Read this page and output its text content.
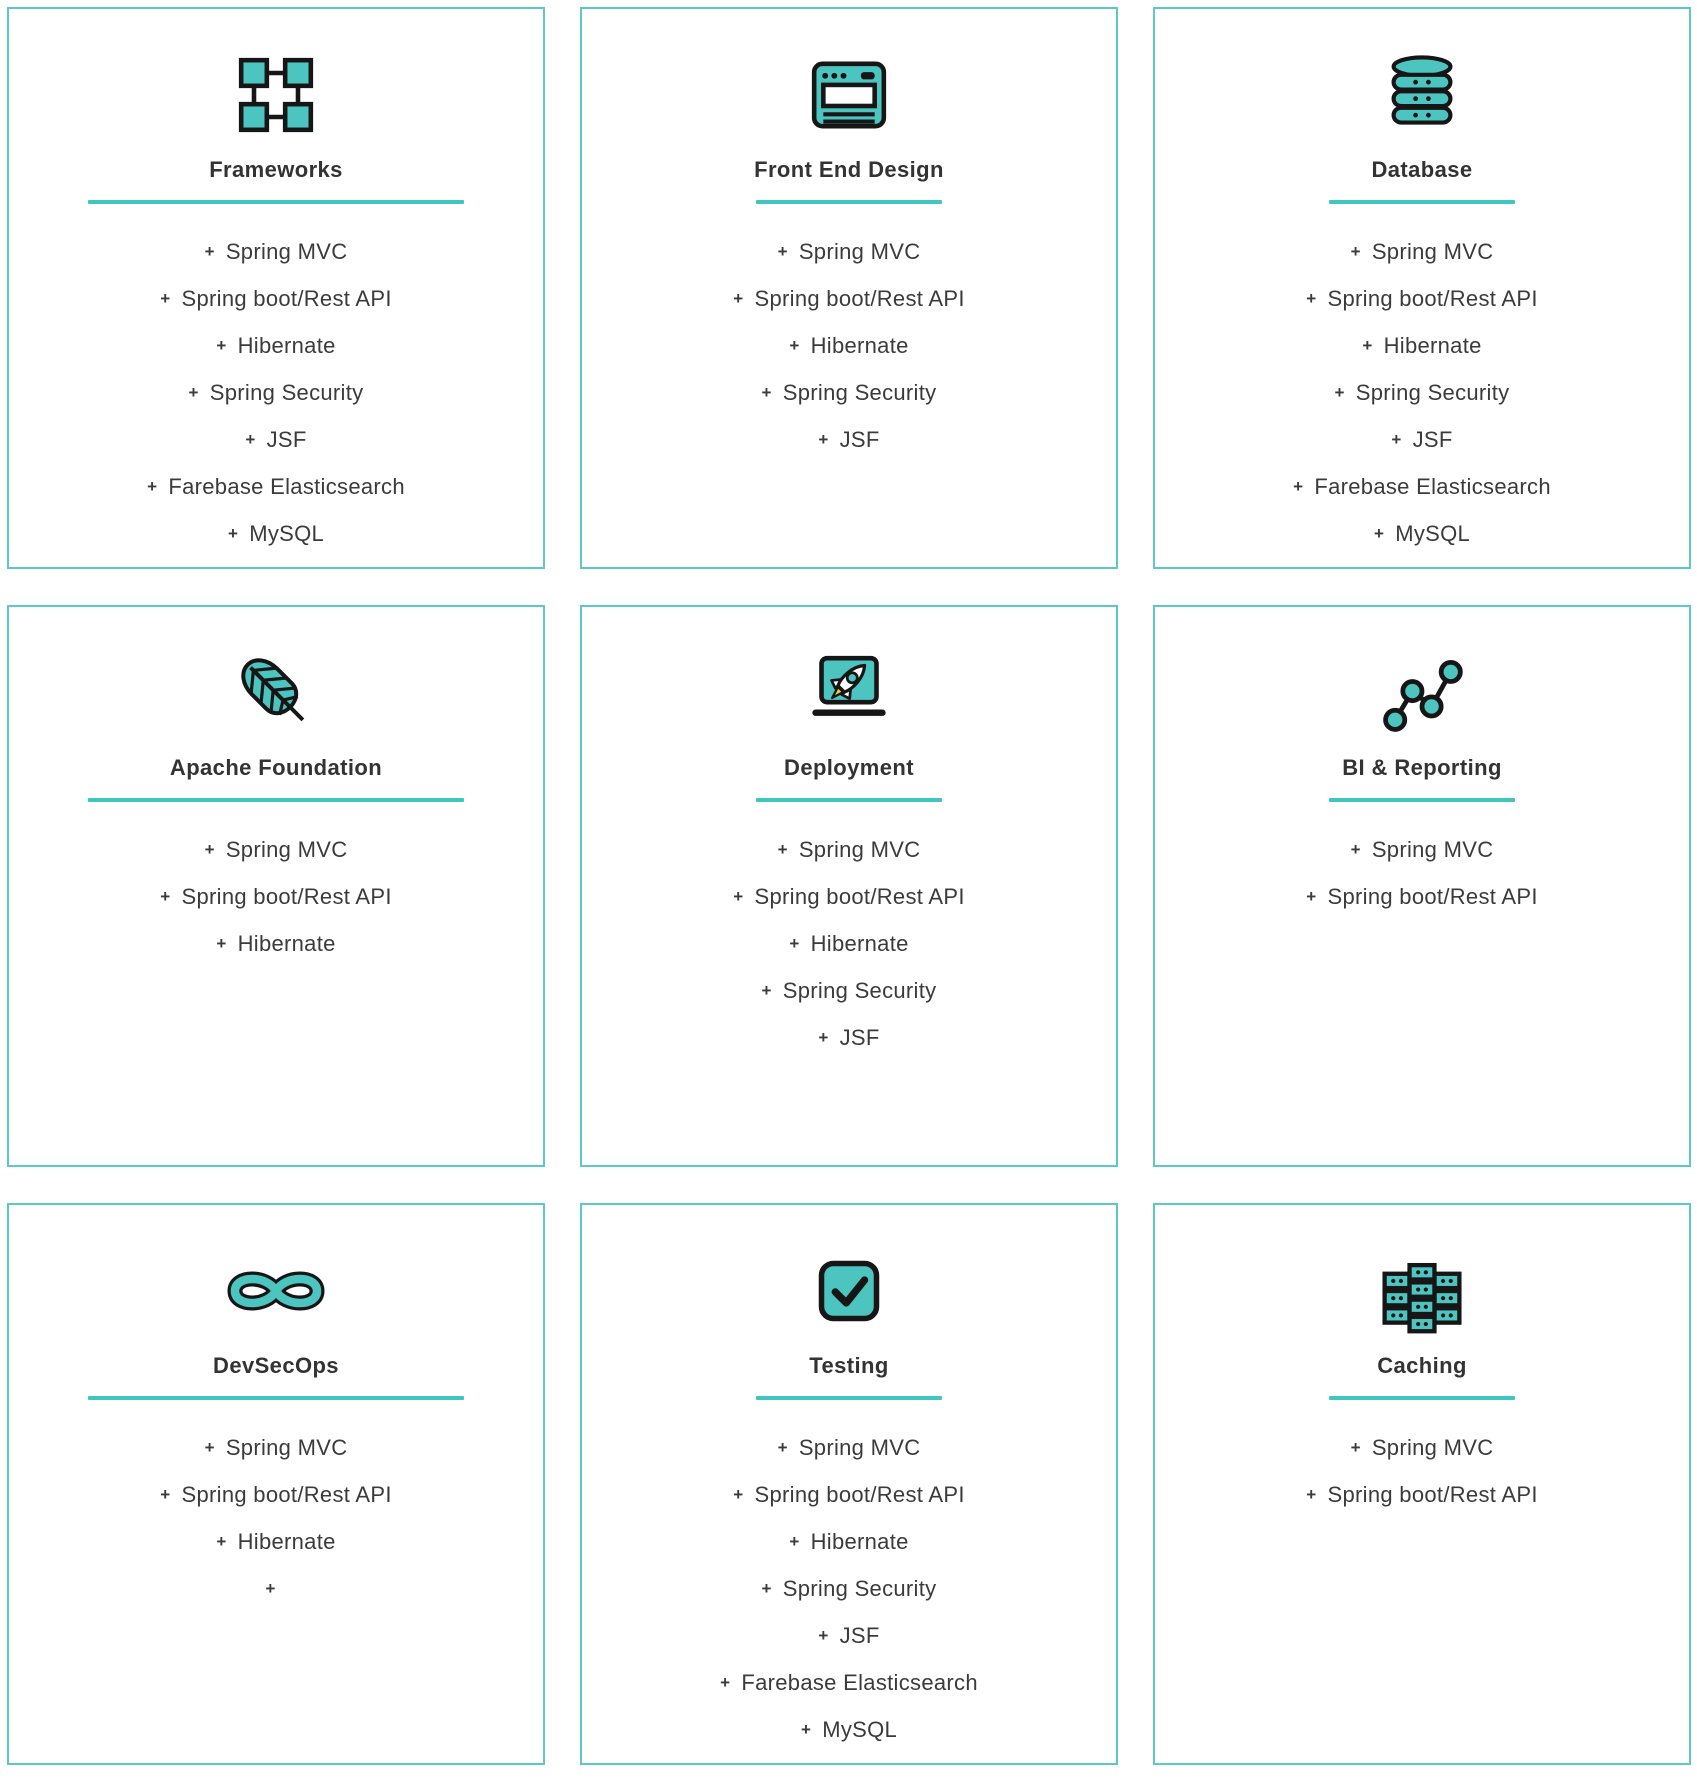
Frameworks
+ Spring MVC
+ Spring boot/Rest API
+ Hibernate
+ Spring Security
+ JSF
+ Farebase Elasticsearch
+ MySQL
Front End Design
+ Spring MVC
+ Spring boot/Rest API
+ Hibernate
+ Spring Security
+ JSF
Database
+ Spring MVC
+ Spring boot/Rest API
+ Hibernate
+ Spring Security
+ JSF
+ Farebase Elasticsearch
+ MySQL
Apache Foundation
+ Spring MVC
+ Spring boot/Rest API
+ Hibernate
Deployment
+ Spring MVC
+ Spring boot/Rest API
+ Hibernate
+ Spring Security
+ JSF
BI & Reporting
+ Spring MVC
+ Spring boot/Rest API
DevSecOps
+ Spring MVC
+ Spring boot/Rest API
+ Hibernate
+
Testing
+ Spring MVC
+ Spring boot/Rest API
+ Hibernate
+ Spring Security
+ JSF
+ Farebase Elasticsearch
+ MySQL
Caching
+ Spring MVC
+ Spring boot/Rest API
